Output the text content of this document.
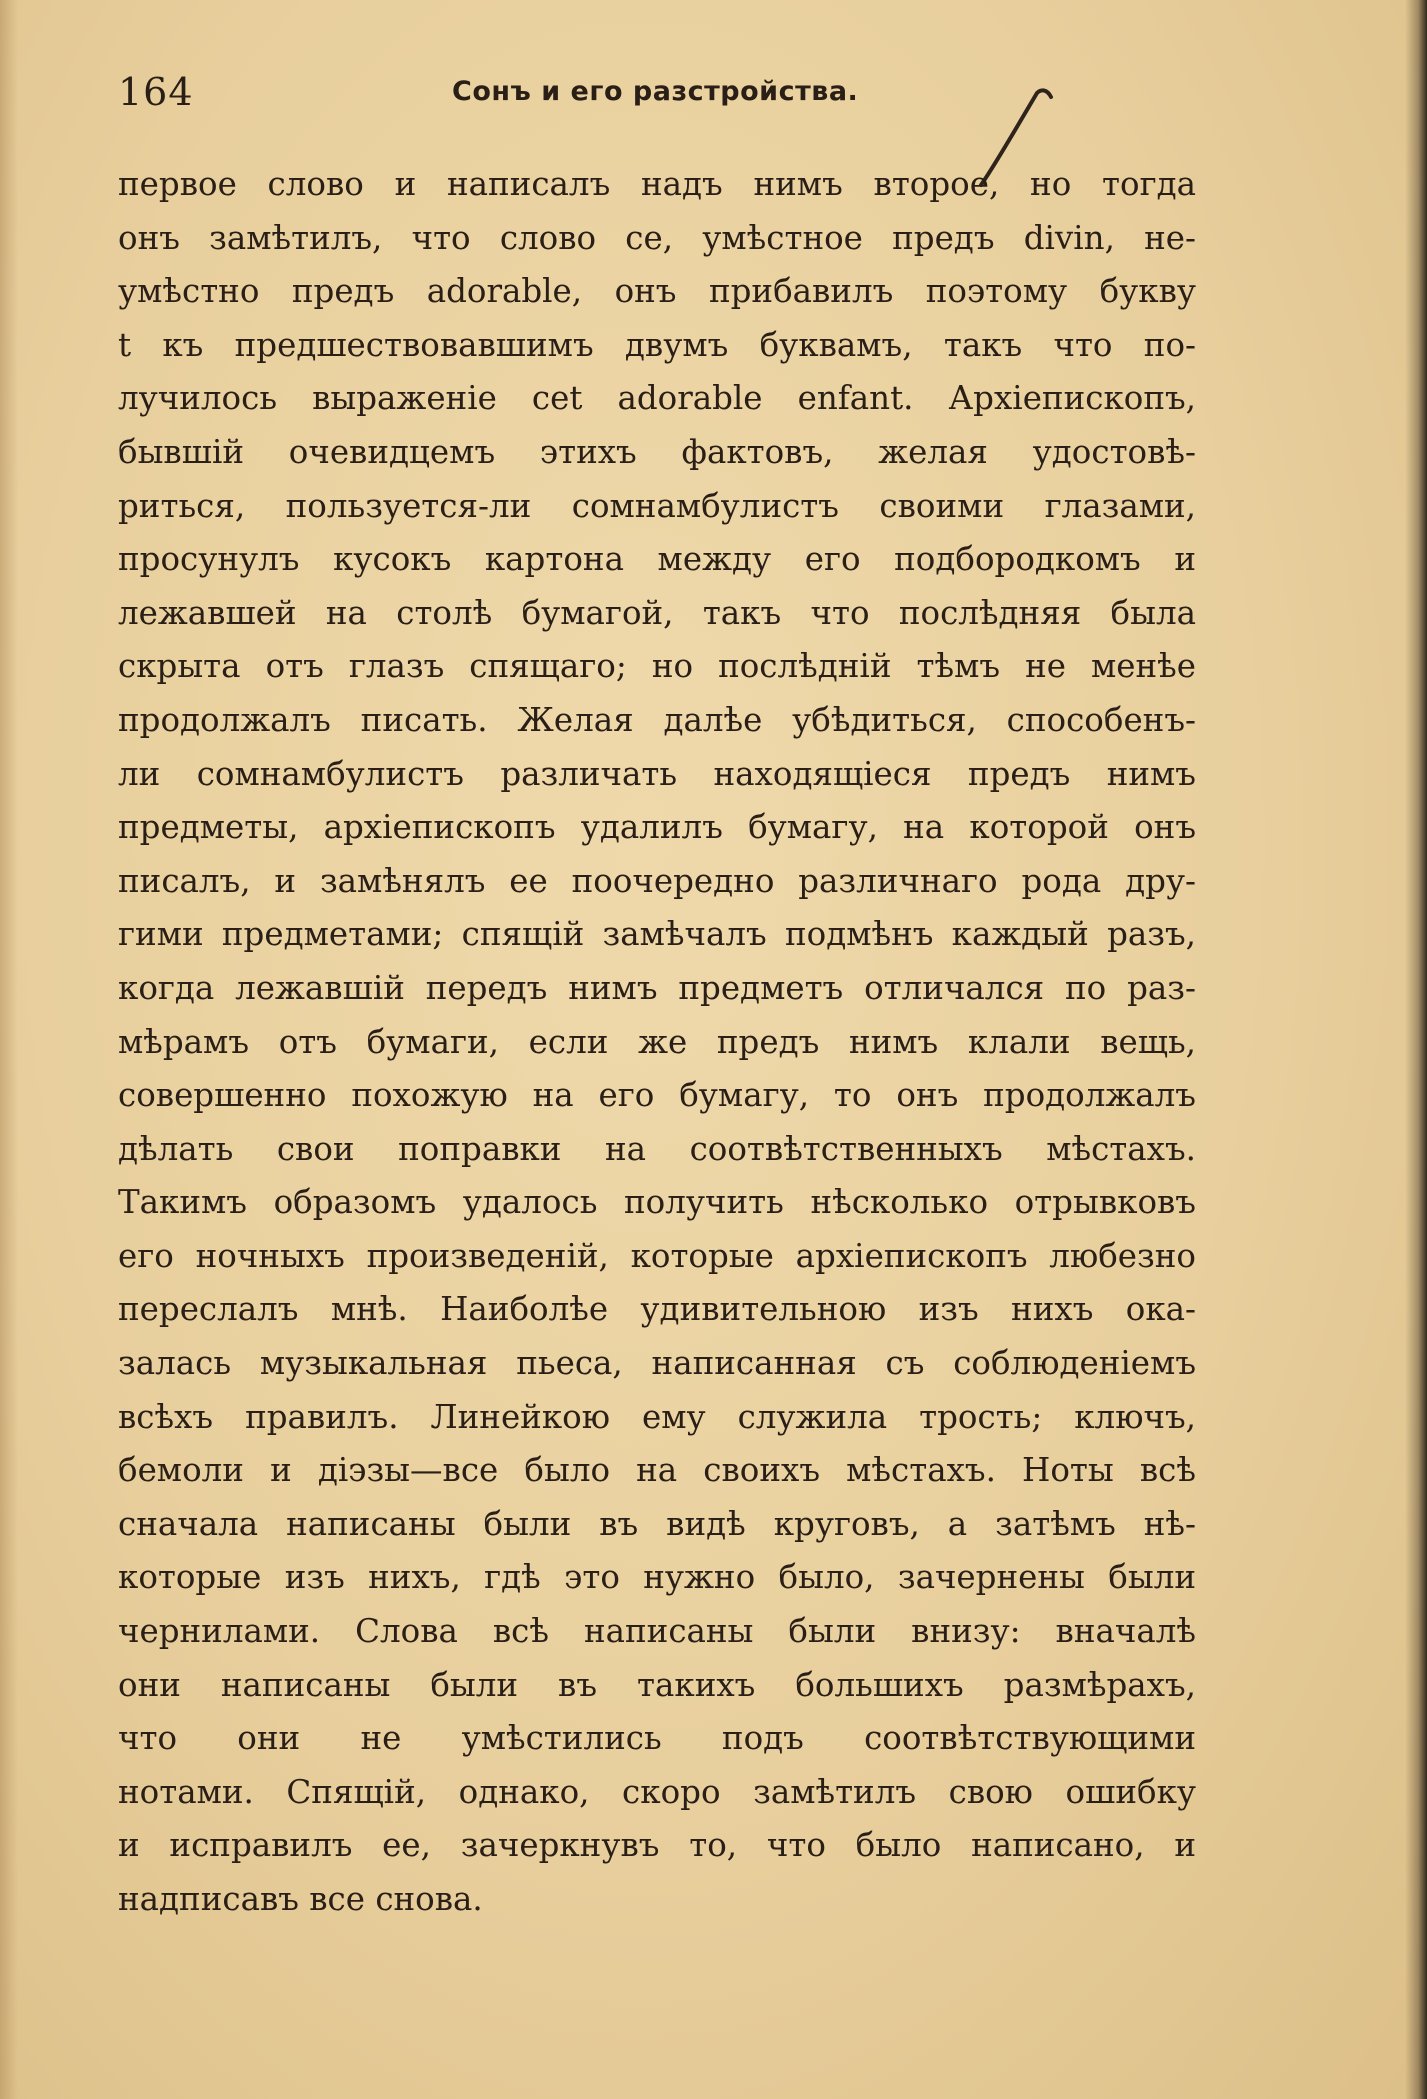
164	Сонъ и его разстройства.
первое слово и написалъ надъ нимъ второе, но тогда
онъ замѣтилъ, что слово ce, умѣстное предъ divin, не-
умѣстно предъ adorable, онъ прибавилъ поэтому букву
t къ предшествовавшимъ двумъ буквамъ, такъ что по-
лучилось выраженіе cet adorable enfant. Архіепископъ,
бывшій очевидцемъ этихъ фактовъ, желая удостовѣ-
риться, пользуется-ли сомнамбулистъ своими глазами,
просунулъ кусокъ картона между его подбородкомъ и
лежавшей на столѣ бумагой, такъ что послѣдняя была
скрыта отъ глазъ спящаго; но послѣдній тѣмъ не менѣе
продолжалъ писать. Желая далѣе убѣдиться, способенъ-
ли сомнамбулистъ различать находящіеся предъ нимъ
предметы, архіепископъ удалилъ бумагу, на которой онъ
писалъ, и замѣнялъ ее поочередно различнаго рода дру-
гими предметами; спящій замѣчалъ подмѣнъ каждый разъ,
когда лежавшій передъ нимъ предметъ отличался по раз-
мѣрамъ отъ бумаги, если же предъ нимъ клали вещь,
совершенно похожую на его бумагу, то онъ продолжалъ
дѣлать свои поправки на соотвѣтственныхъ мѣстахъ.
Такимъ образомъ удалось получить нѣсколько отрывковъ
его ночныхъ произведеній, которые архіепископъ любезно
переслалъ мнѣ. Наиболѣе удивительною изъ нихъ ока-
залась музыкальная пьеса, написанная съ соблюденіемъ
всѣхъ правилъ. Линейкою ему служила трость; ключъ,
бемоли и діэзы—все было на своихъ мѣстахъ. Ноты всѣ
сначала написаны были въ видѣ круговъ, а затѣмъ нѣ-
которые изъ нихъ, гдѣ это нужно было, зачернены были
чернилами. Слова всѣ написаны были внизу: вначалѣ
они написаны были въ такихъ большихъ размѣрахъ,
что они не умѣстились подъ соотвѣтствующими
нотами. Спящій, однако, скоро замѣтилъ свою ошибку
и исправилъ ее, зачеркнувъ то, что было написано, и
надписавъ все снова.
